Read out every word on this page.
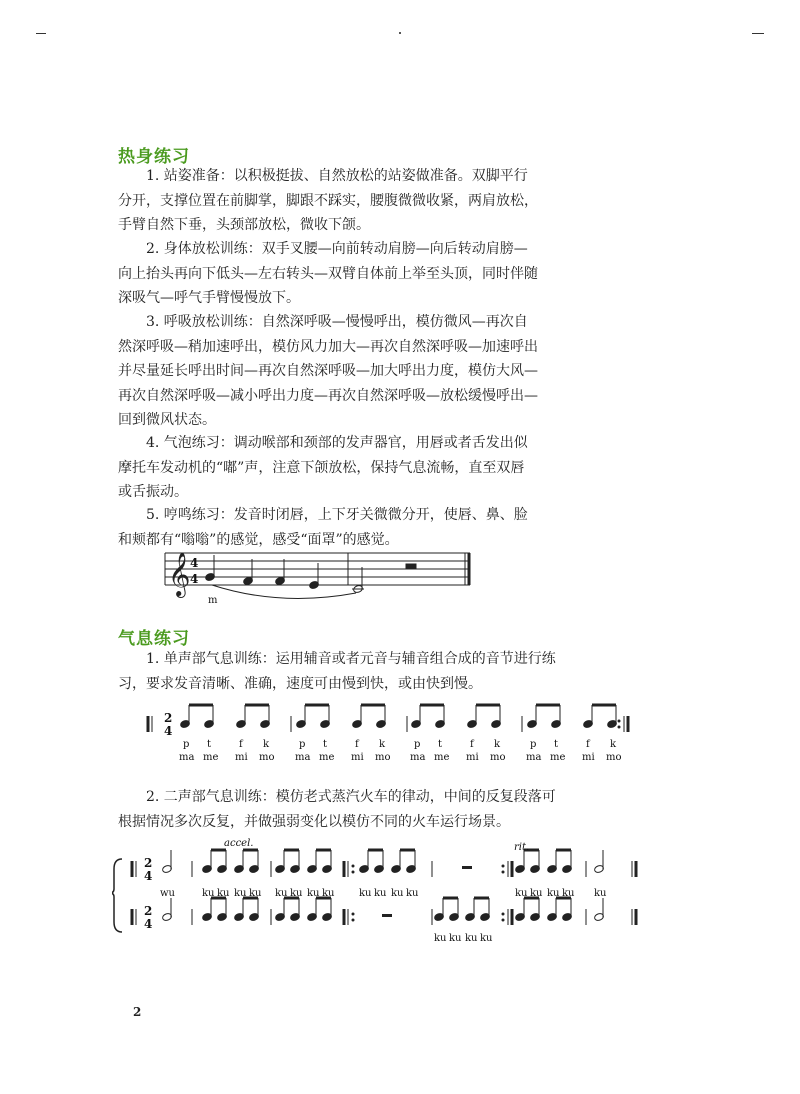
热身练习
1. 站姿准备：以积极挺拔、自然放松的站姿做准备。双脚平行分开，支撑位置在前脚掌，脚跟不踩实，腰腹微微收紧，两肩放松，手臂自然下垂，头颈部放松，微收下颌。
2. 身体放松训练：双手叉腰—向前转动肩膀—向后转动肩膀—向上抬头再向下低头—左右转头—双臂自体前上举至头顶，同时伴随深吸气—呼气手臂慢慢放下。
3. 呼吸放松训练：自然深呼吸—慢慢呼出，模仿微风—再次自然深呼吸—稍加速呼出，模仿风力加大—再次自然深呼吸—加速呼出并尽量延长呼出时间—再次自然深呼吸—加大呼出力度，模仿大风—再次自然深呼吸—减小呼出力度—再次自然深呼吸—放松缓慢呼出—回到微风状态。
4. 气泡练习：调动喉部和颈部的发声器官，用唇或者舌发出似摩托车发动机的“嘟”声，注意下颌放松，保持气息流畅，直至双唇或舌振动。
5. 哼鸣练习：发音时闭唇，上下牙关微微分开，使唇、鼻、脸和颊都有“嗡嗡”的感觉，感受“面罩”的感觉。
𝄞 4
4
m
气息练习
1. 单声部气息训练：运用辅音或者元音与辅音组合成的音节进行练习，要求发音清晰、准确，速度可由慢到快，或由快到慢。
2
4
p
ma
t
me
f
mi
k
mo
p
ma
t
me
f
mi
k
mo
p
ma
t
me
f
mi
k
mo
p
ma
t
me
f
mi
k
mo
2. 二声部气息训练：模仿老式蒸汽火车的律动，中间的反复段落可根据情况多次反复，并做强弱变化以模仿不同的火车运行场景。
2
4
2
4
accel.	rit.
wu	ku ku ku ku ku ku ku ku ku ku ku ku	ku ku ku ku ku
ku ku ku ku
2
